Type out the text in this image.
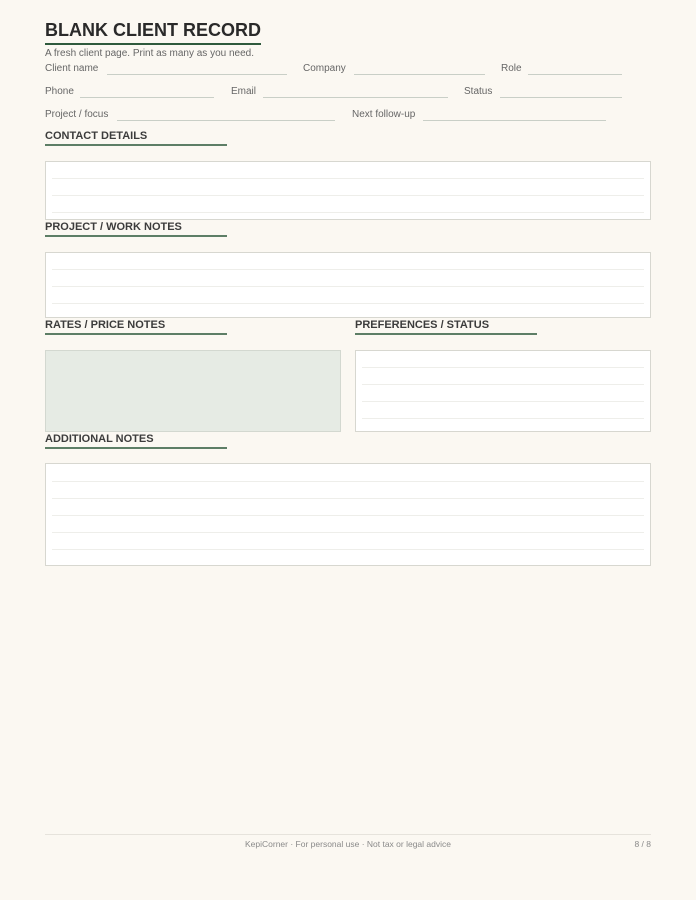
BLANK CLIENT RECORD
A fresh client page. Print as many as you need.
Client name	Company	Role
Phone	Email	Status
Project / focus	Next follow-up
CONTACT DETAILS
PROJECT / WORK NOTES
RATES / PRICE NOTES	PREFERENCES / STATUS
ADDITIONAL NOTES
KepiCorner · For personal use · Not tax or legal advice	8 / 8
